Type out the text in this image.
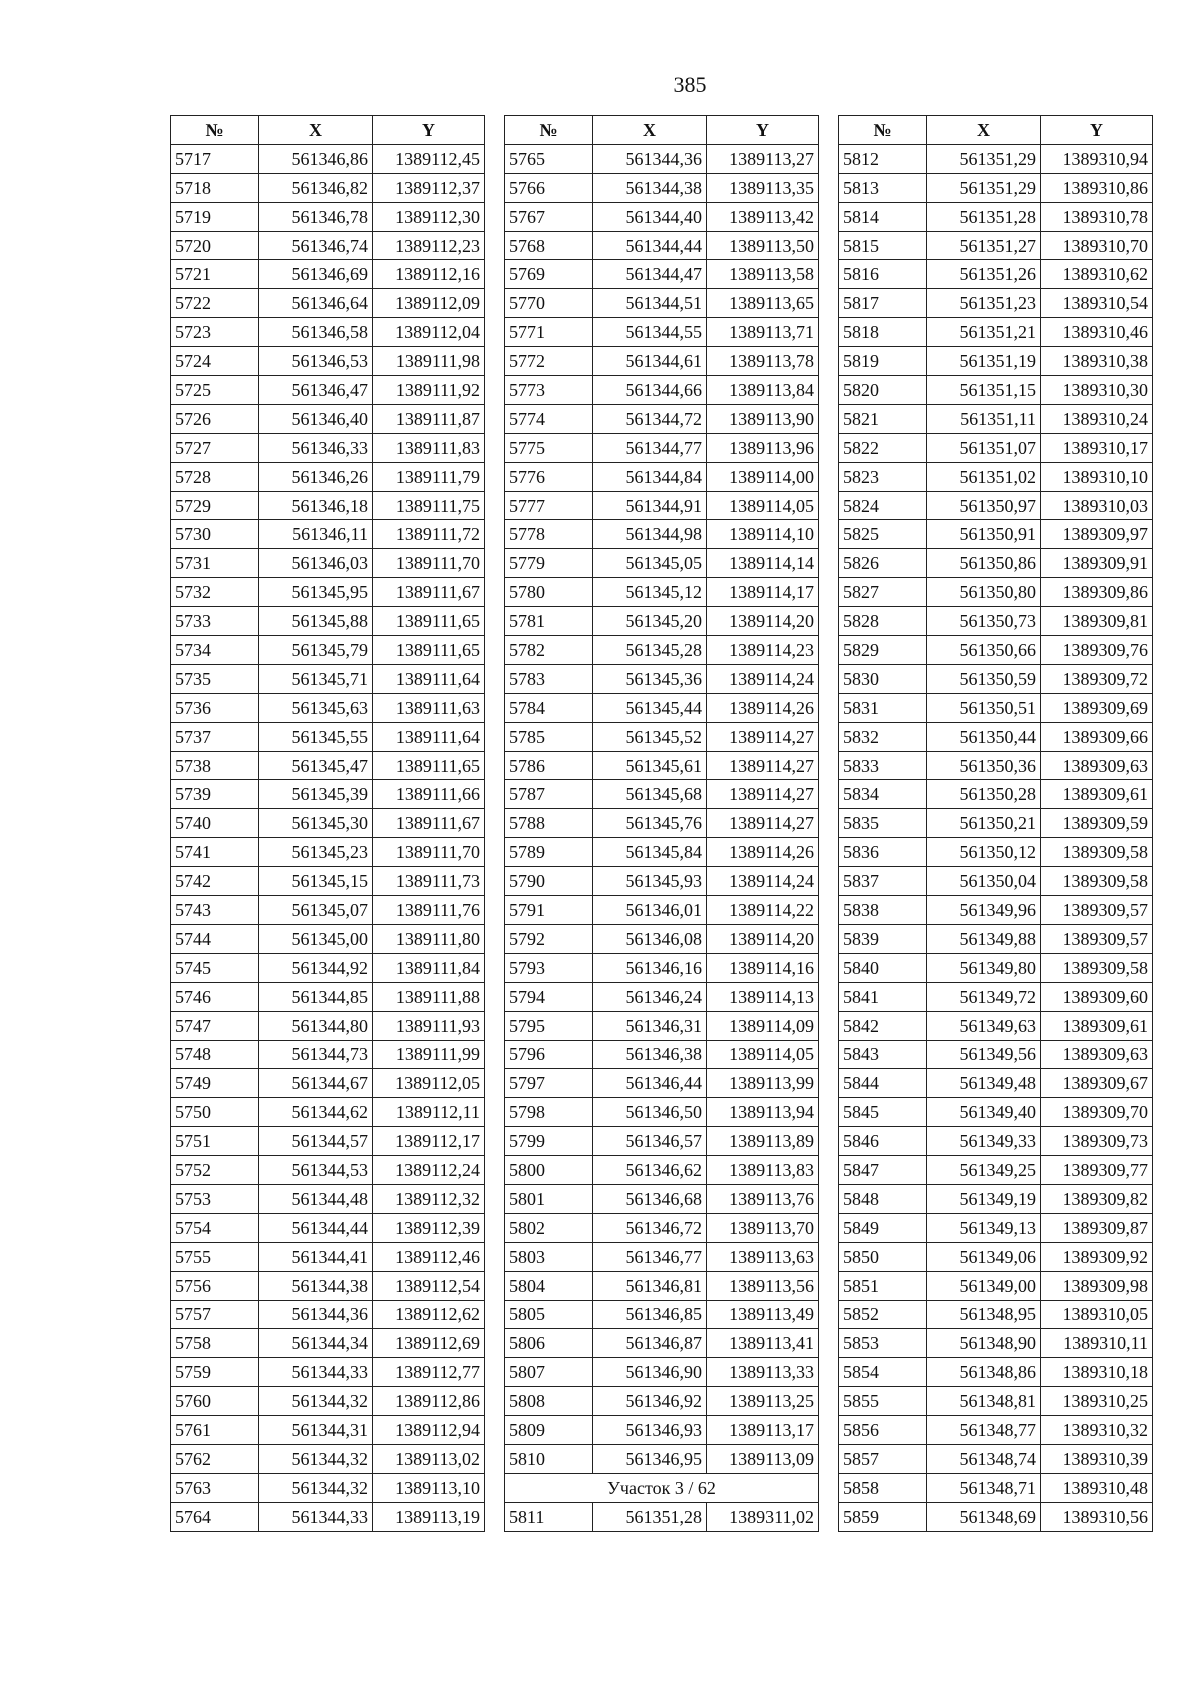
385
№	X	Y
5717	561346,86	1389112,45
5718	561346,82	1389112,37
5719	561346,78	1389112,30
5720	561346,74	1389112,23
5721	561346,69	1389112,16
5722	561346,64	1389112,09
5723	561346,58	1389112,04
5724	561346,53	1389111,98
5725	561346,47	1389111,92
5726	561346,40	1389111,87
5727	561346,33	1389111,83
5728	561346,26	1389111,79
5729	561346,18	1389111,75
5730	561346,11	1389111,72
5731	561346,03	1389111,70
5732	561345,95	1389111,67
5733	561345,88	1389111,65
5734	561345,79	1389111,65
5735	561345,71	1389111,64
5736	561345,63	1389111,63
5737	561345,55	1389111,64
5738	561345,47	1389111,65
5739	561345,39	1389111,66
5740	561345,30	1389111,67
5741	561345,23	1389111,70
5742	561345,15	1389111,73
5743	561345,07	1389111,76
5744	561345,00	1389111,80
5745	561344,92	1389111,84
5746	561344,85	1389111,88
5747	561344,80	1389111,93
5748	561344,73	1389111,99
5749	561344,67	1389112,05
5750	561344,62	1389112,11
5751	561344,57	1389112,17
5752	561344,53	1389112,24
5753	561344,48	1389112,32
5754	561344,44	1389112,39
5755	561344,41	1389112,46
5756	561344,38	1389112,54
5757	561344,36	1389112,62
5758	561344,34	1389112,69
5759	561344,33	1389112,77
5760	561344,32	1389112,86
5761	561344,31	1389112,94
5762	561344,32	1389113,02
5763	561344,32	1389113,10
5764	561344,33	1389113,19
№	X	Y
5765	561344,36	1389113,27
5766	561344,38	1389113,35
5767	561344,40	1389113,42
5768	561344,44	1389113,50
5769	561344,47	1389113,58
5770	561344,51	1389113,65
5771	561344,55	1389113,71
5772	561344,61	1389113,78
5773	561344,66	1389113,84
5774	561344,72	1389113,90
5775	561344,77	1389113,96
5776	561344,84	1389114,00
5777	561344,91	1389114,05
5778	561344,98	1389114,10
5779	561345,05	1389114,14
5780	561345,12	1389114,17
5781	561345,20	1389114,20
5782	561345,28	1389114,23
5783	561345,36	1389114,24
5784	561345,44	1389114,26
5785	561345,52	1389114,27
5786	561345,61	1389114,27
5787	561345,68	1389114,27
5788	561345,76	1389114,27
5789	561345,84	1389114,26
5790	561345,93	1389114,24
5791	561346,01	1389114,22
5792	561346,08	1389114,20
5793	561346,16	1389114,16
5794	561346,24	1389114,13
5795	561346,31	1389114,09
5796	561346,38	1389114,05
5797	561346,44	1389113,99
5798	561346,50	1389113,94
5799	561346,57	1389113,89
5800	561346,62	1389113,83
5801	561346,68	1389113,76
5802	561346,72	1389113,70
5803	561346,77	1389113,63
5804	561346,81	1389113,56
5805	561346,85	1389113,49
5806	561346,87	1389113,41
5807	561346,90	1389113,33
5808	561346,92	1389113,25
5809	561346,93	1389113,17
5810	561346,95	1389113,09
Участок 3 / 62		
5811	561351,28	1389311,02
№	X	Y
5812	561351,29	1389310,94
5813	561351,29	1389310,86
5814	561351,28	1389310,78
5815	561351,27	1389310,70
5816	561351,26	1389310,62
5817	561351,23	1389310,54
5818	561351,21	1389310,46
5819	561351,19	1389310,38
5820	561351,15	1389310,30
5821	561351,11	1389310,24
5822	561351,07	1389310,17
5823	561351,02	1389310,10
5824	561350,97	1389310,03
5825	561350,91	1389309,97
5826	561350,86	1389309,91
5827	561350,80	1389309,86
5828	561350,73	1389309,81
5829	561350,66	1389309,76
5830	561350,59	1389309,72
5831	561350,51	1389309,69
5832	561350,44	1389309,66
5833	561350,36	1389309,63
5834	561350,28	1389309,61
5835	561350,21	1389309,59
5836	561350,12	1389309,58
5837	561350,04	1389309,58
5838	561349,96	1389309,57
5839	561349,88	1389309,57
5840	561349,80	1389309,58
5841	561349,72	1389309,60
5842	561349,63	1389309,61
5843	561349,56	1389309,63
5844	561349,48	1389309,67
5845	561349,40	1389309,70
5846	561349,33	1389309,73
5847	561349,25	1389309,77
5848	561349,19	1389309,82
5849	561349,13	1389309,87
5850	561349,06	1389309,92
5851	561349,00	1389309,98
5852	561348,95	1389310,05
5853	561348,90	1389310,11
5854	561348,86	1389310,18
5855	561348,81	1389310,25
5856	561348,77	1389310,32
5857	561348,74	1389310,39
5858	561348,71	1389310,48
5859	561348,69	1389310,56
